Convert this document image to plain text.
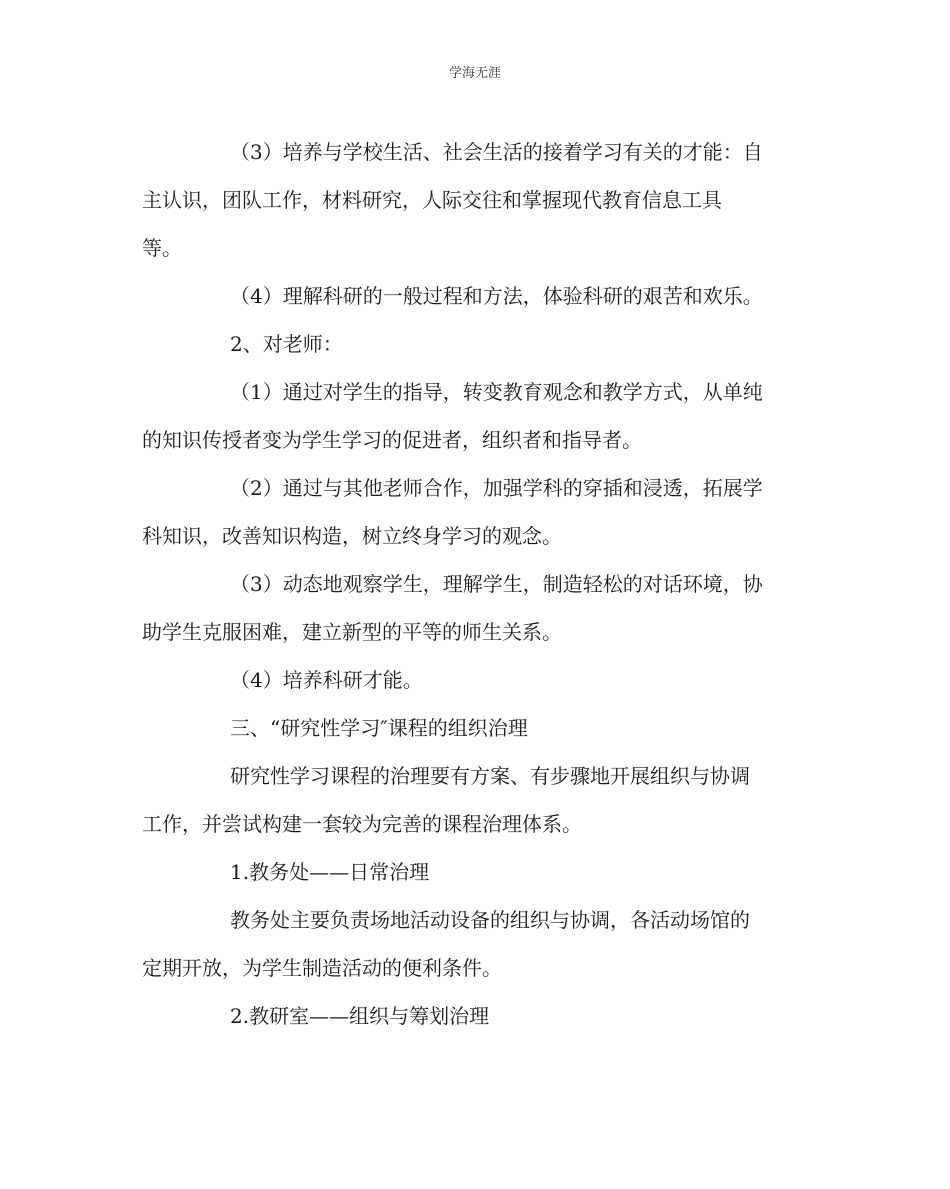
学海无涯

（3）培养与学校生活、社会生活的接着学习有关的才能：自

主认识，团队工作，材料研究，人际交往和掌握现代教育信息工具

等。

（4）理解科研的一般过程和方法，体验科研的艰苦和欢乐。

2、对老师：

（1）通过对学生的指导，转变教育观念和教学方式，从单纯

的知识传授者变为学生学习的促进者，组织者和指导者。

（2）通过与其他老师合作，加强学科的穿插和浸透，拓展学

科知识，改善知识构造，树立终身学习的观念。

（3）动态地观察学生，理解学生，制造轻松的对话环境，协

助学生克服困难，建立新型的平等的师生关系。

（4）培养科研才能。

三、“研究性学习″课程的组织治理

研究性学习课程的治理要有方案、有步骤地开展组织与协调

工作，并尝试构建一套较为完善的课程治理体系。

1.教务处——日常治理

教务处主要负责场地活动设备的组织与协调，各活动场馆的

定期开放，为学生制造活动的便利条件。

2.教研室——组织与筹划治理
